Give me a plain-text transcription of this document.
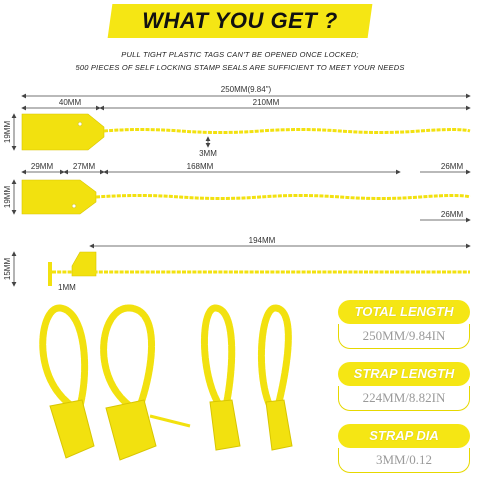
WHAT YOU GET ?
PULL TIGHT PLASTIC TAGS CAN'T BE OPENED ONCE LOCKED;
500 PIECES OF SELF LOCKING STAMP SEALS ARE SUFFICIENT TO MEET YOUR NEEDS
250MM(9.84")
40MM	210MM
19MM
3MM
29MM 27MM	168MM	26MM
19MM
26MM
194MM
15MM
1MM
TOTAL LENGTH
250MM/9.84IN
STRAP LENGTH
224MM/8.82IN
STRAP DIA
3MM/0.12
